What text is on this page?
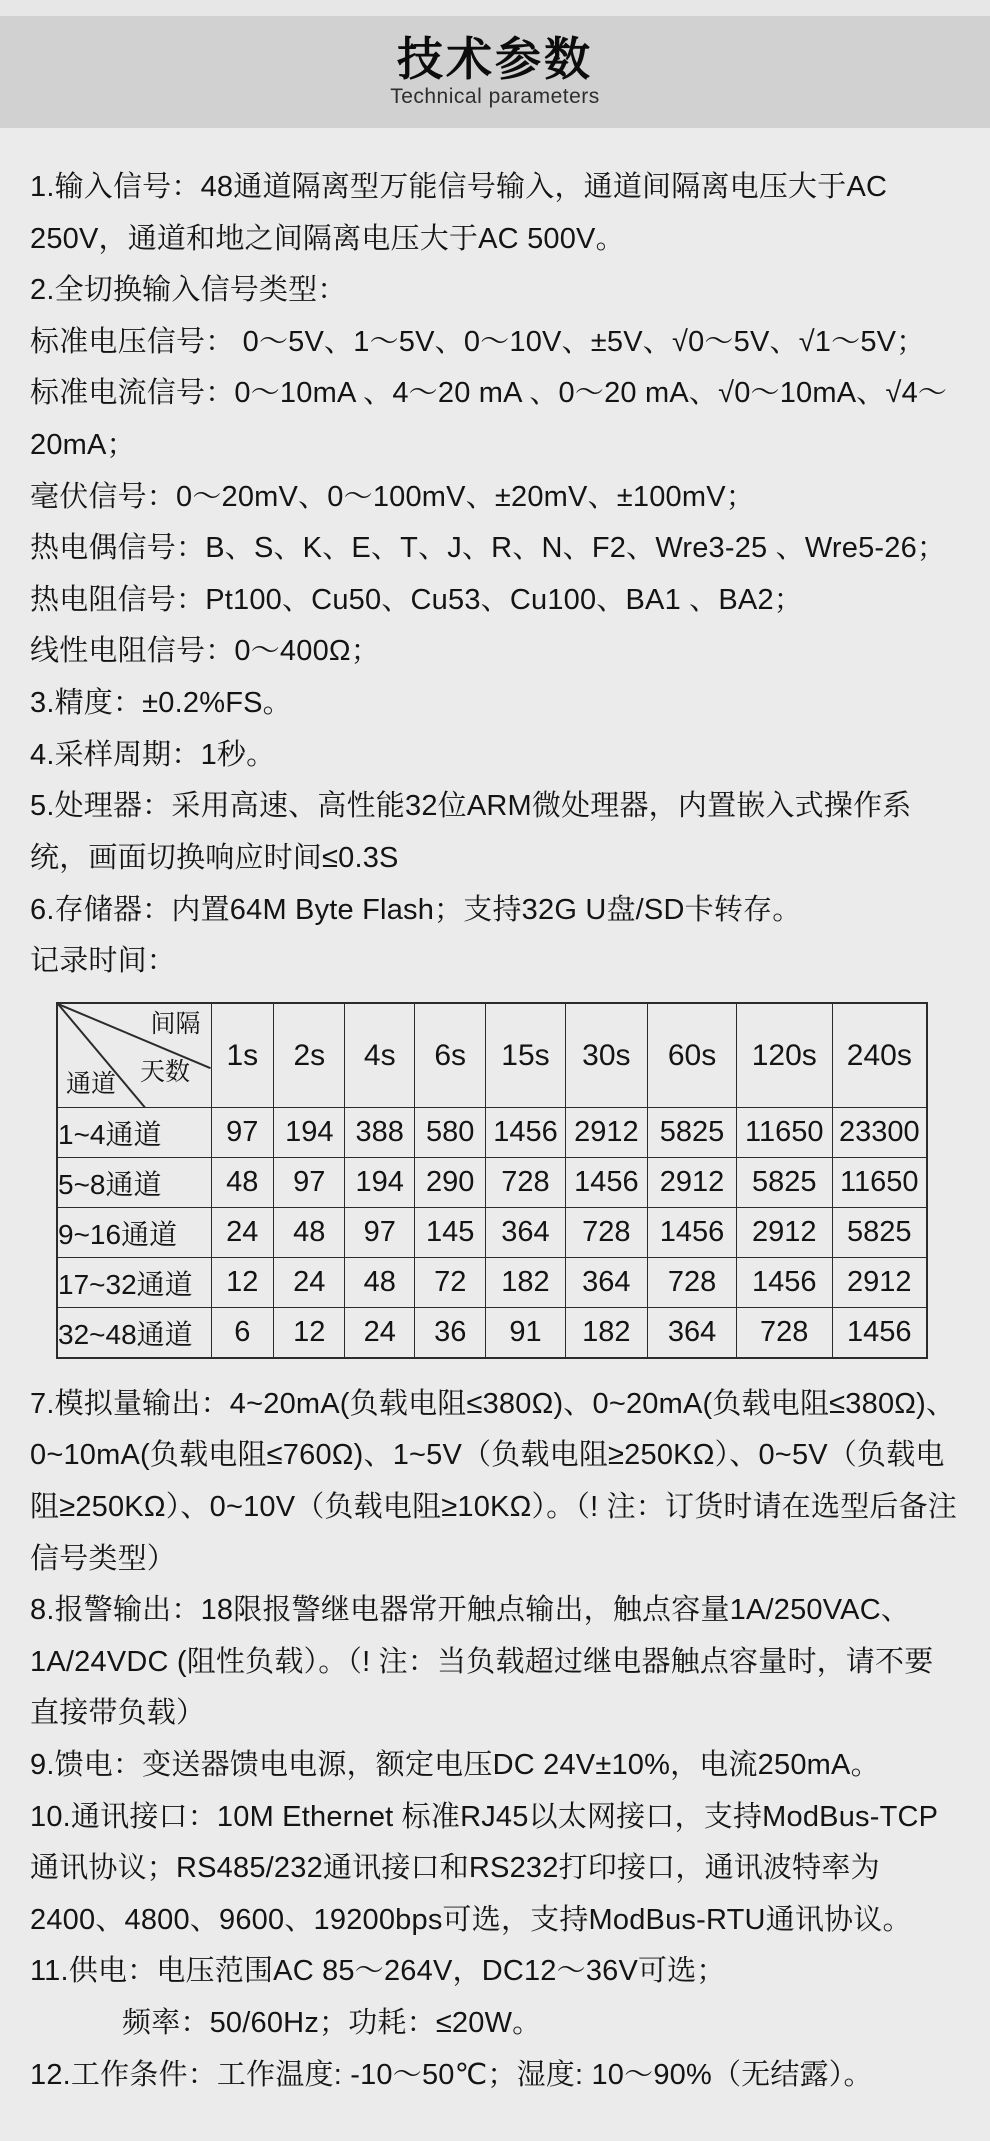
技术参数
Technical parameters
1.输入信号：48通道隔离型万能信号输入，通道间隔离电压大于AC 250V，通道和地之间隔离电压大于AC 500V。
2.全切换输入信号类型：
标准电压信号： 0～5V、1～5V、0～10V、±5V、√0～5V、√1～5V；
标准电流信号：0～10mA 、4～20 mA 、0～20 mA、√0～10mA、√4～20mA；
毫伏信号：0～20mV、0～100mV、±20mV、±100mV；
热电偶信号：B、S、K、E、T、J、R、N、F2、Wre3-25 、Wre5-26；
热电阻信号：Pt100、Cu50、Cu53、Cu100、BA1 、BA2；
线性电阻信号：0～400Ω；
3.精度：±0.2%FS。
4.采样周期：1秒。
5.处理器：采用高速、高性能32位ARM微处理器，内置嵌入式操作系统，画面切换响应时间≤0.3S
6.存储器：内置64M Byte Flash；支持32G U盘/SD卡转存。
记录时间：
间隔
天数
通道	1s	2s	4s	6s	15s	30s	60s	120s	240s
1~4通道	97	194	388	580	1456	2912	5825	11650	23300
5~8通道	48	97	194	290	728	1456	2912	5825	11650
9~16通道	24	48	97	145	364	728	1456	2912	5825
17~32通道	12	24	48	72	182	364	728	1456	2912
32~48通道	6	12	24	36	91	182	364	728	1456
7.模拟量输出：4~20mA(负载电阻≤380Ω)、0~20mA(负载电阻≤380Ω)、0~10mA(负载电阻≤760Ω)、1~5V（负载电阻≥250KΩ）、0~5V（负载电阻≥250KΩ）、0~10V（负载电阻≥10KΩ）。（! 注：订货时请在选型后备注信号类型）
8.报警输出：18限报警继电器常开触点输出，触点容量1A/250VAC、1A/24VDC (阻性负载）。（! 注：当负载超过继电器触点容量时，请不要直接带负载）
9.馈电：变送器馈电电源，额定电压DC 24V±10%，电流250mA。
10.通讯接口：10M Ethernet 标准RJ45以太网接口，支持ModBus-TCP通讯协议；RS485/232通讯接口和RS232打印接口，通讯波特率为2400、4800、9600、19200bps可选，支持ModBus-RTU通讯协议。
11.供电：电压范围AC 85～264V，DC12～36V可选；
频率：50/60Hz；功耗：≤20W。
12.工作条件：工作温度: -10～50℃；湿度: 10～90%（无结露）。
